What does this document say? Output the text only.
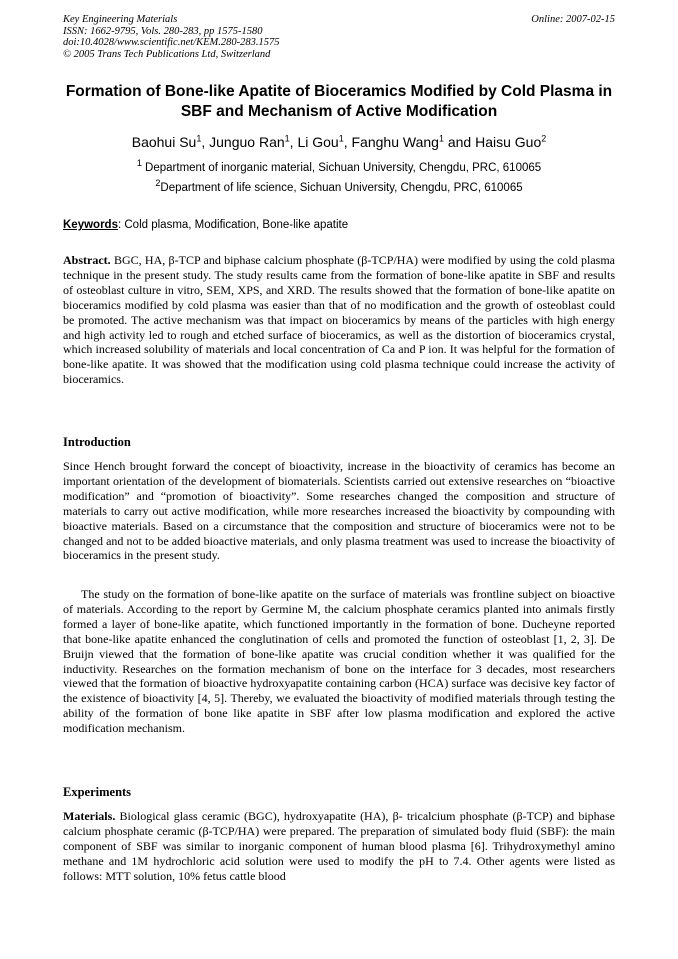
Key Engineering Materials
ISSN: 1662-9795, Vols. 280-283, pp 1575-1580
doi:10.4028/www.scientific.net/KEM.280-283.1575
© 2005 Trans Tech Publications Ltd, Switzerland
Online: 2007-02-15
Formation of Bone-like Apatite of Bioceramics Modified by Cold Plasma in SBF and Mechanism of Active Modification
Baohui Su$^1$, Junguo Ran$^1$, Li Gou$^1$, Fanghu Wang$^1$ and Haisu Guo$^2$
$^1$ Department of inorganic material, Sichuan University, Chengdu, PRC, 610065
$^2$Department of life science, Sichuan University, Chengdu, PRC, 610065
Keywords: Cold plasma, Modification, Bone-like apatite
Abstract. BGC, HA, β-TCP and biphase calcium phosphate (β-TCP/HA) were modified by using the cold plasma technique in the present study. The study results came from the formation of bone-like apatite in SBF and results of osteoblast culture in vitro, SEM, XPS, and XRD. The results showed that the formation of bone-like apatite on bioceramics modified by cold plasma was easier than that of no modification and the growth of osteoblast could be promoted. The active mechanism was that impact on bioceramics by means of the particles with high energy and high activity led to rough and etched surface of bioceramics, as well as the distortion of bioceramics crystal, which increased solubility of materials and local concentration of Ca and P ion. It was helpful for the formation of bone-like apatite. It was showed that the modification using cold plasma technique could increase the activity of bioceramics.
Introduction
Since Hench brought forward the concept of bioactivity, increase in the bioactivity of ceramics has become an important orientation of the development of biomaterials. Scientists carried out extensive researches on “bioactive modification” and “promotion of bioactivity”. Some researches changed the composition and structure of materials to carry out active modification, while more researches increased the bioactivity by compounding with bioactive materials. Based on a circumstance that the composition and structure of bioceramics were not to be changed and not to be added bioactive materials, and only plasma treatment was used to increase the bioactivity of bioceramics in the present study.
The study on the formation of bone-like apatite on the surface of materials was frontline subject on bioactive of materials. According to the report by Germine M, the calcium phosphate ceramics planted into animals firstly formed a layer of bone-like apatite, which functioned importantly in the formation of bone. Ducheyne reported that bone-like apatite enhanced the conglutination of cells and promoted the function of osteoblast [1, 2, 3]. De Bruijn viewed that the formation of bone-like apatite was crucial condition whether it was qualified for the inductivity. Researches on the formation mechanism of bone on the interface for 3 decades, most researchers viewed that the formation of bioactive hydroxyapatite containing carbon (HCA) surface was decisive key factor of the existence of bioactivity [4, 5]. Thereby, we evaluated the bioactivity of modified materials through testing the ability of the formation of bone like apatite in SBF after low plasma modification and explored the active modification mechanism.
Experiments
Materials. Biological glass ceramic (BGC), hydroxyapatite (HA), β- tricalcium phosphate (β-TCP) and biphase calcium phosphate ceramic (β-TCP/HA) were prepared. The preparation of simulated body fluid (SBF): the main component of SBF was similar to inorganic component of human blood plasma [6]. Trihydroxymethyl amino methane and 1M hydrochloric acid solution were used to modify the pH to 7.4. Other agents were listed as follows: MTT solution, 10% fetus cattle blood
